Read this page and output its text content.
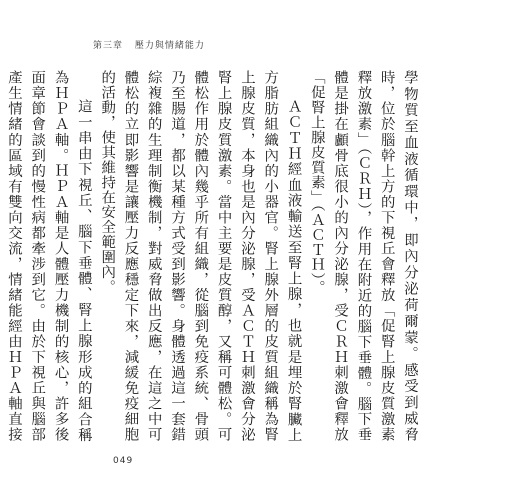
第三章 壓力與情緒能力

學物質至血液循環中，即內分泌荷爾蒙。感受到威脅時，位於腦幹上方的下視丘會釋放「促腎上腺皮質激素釋放激素」（ＣＲＨ），作用在附近的腦下垂體。腦下垂體是掛在顱骨底很小的內分泌腺，受ＣＲＨ刺激會釋放「促腎上腺皮質素」（ＡＣＴＨ）。

ＡＣＴＨ經血液輸送至腎上腺，也就是埋於腎臟上方脂肪組織內的小器官。腎上腺外層的皮質組織稱為腎上腺皮質，本身也是內分泌腺，受ＡＣＴＨ刺激會分泌腎上腺皮質激素。當中主要是皮質醇，又稱可體松。可體松作用於體內幾乎所有組織，從腦到免疫系統、骨頭乃至腸道，都以某種方式受到影響。身體透過這一套錯綜複雜的生理制衡機制，對威脅做出反應，在這之中可體松的立即影響是讓壓力反應穩定下來，減緩免疫細胞的活動，使其維持在安全範圍內。

這一串由下視丘、腦下垂體、腎上腺形成的組合稱為ＨＰＡ軸。ＨＰＡ軸是人體壓力機制的核心，許多後面章節會談到的慢性病都牽涉到它。由於下視丘與腦部產生情緒的區域有雙向交流，情緒能經由ＨＰＡ軸直接

049
